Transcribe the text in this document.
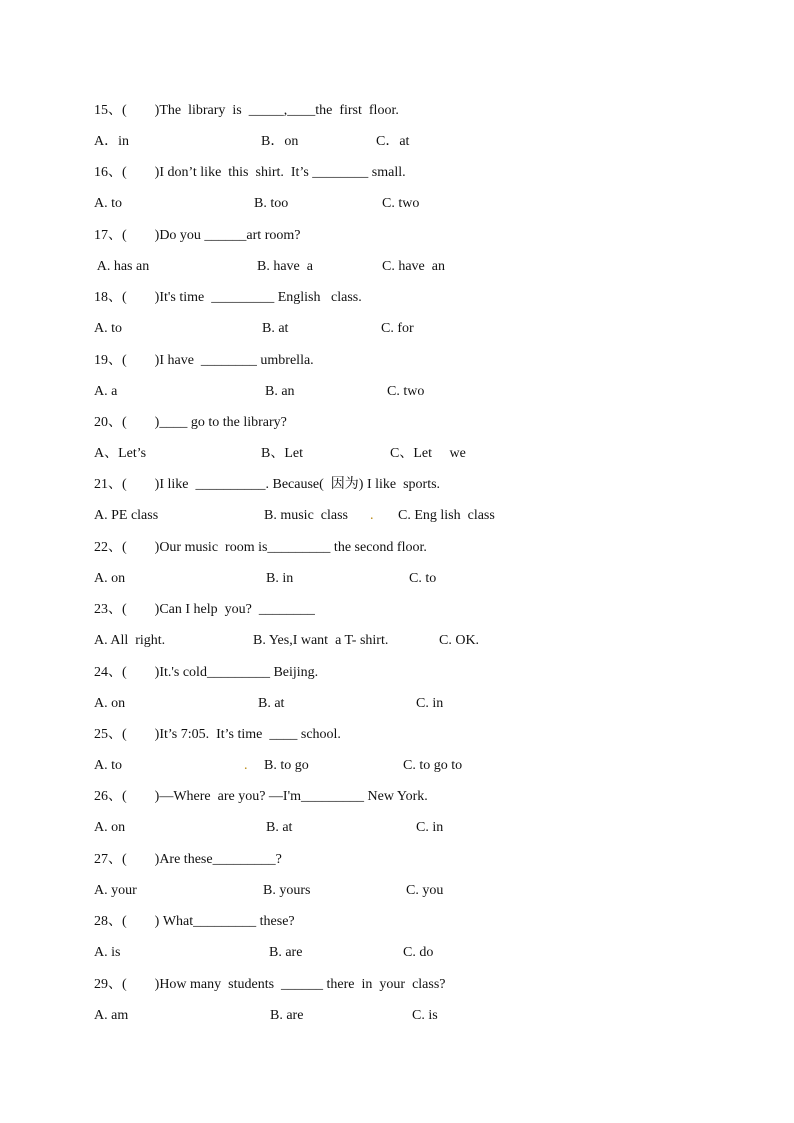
15、(        )The  library  is  _____,____the  first  floor.

A．in

	B．on

	C．at

16、(        )I don’t like  this  shirt.  It’s ________ small.

A. to

	B. too

	C. two

17、(        )Do you ______art room?

A. has an

	B. have  a

	C. have  an

18、(        )It's time  _________ English   class.

A. to

	B. at

	C. for

19、(        )I have  ________ umbrella.

A. a

	B. an

	C. two

20、(        )____ go to the library?

A、Let’s

	B、Let

	C、Let     we

21、(        )I like  __________. Because(  因为) I like  sports.

A. PE class

	B. music  class

.

C. Eng lish  class

22、(        )Our music  room is_________ the second floor.

A. on

	B. in

	C. to

23、(        )Can I help  you?  ________

A. All  right.

	B. Yes,I want  a T- shirt.

	C. OK.

24、(        )It.'s cold_________ Beijing.

A. on

	B. at

	C. in

25、(        )It’s 7:05.  It’s time  ____ school.

A. to

	.

B. to go

	C. to go to

26、(        )—Where  are you? —I'm_________ New York.

A. on

	B. at

	C. in

27、(        )Are these_________?

A. your

	B. yours

	C. you

28、(        ) What_________ these?

A. is

	B. are

	C. do

29、(        )How many  students  ______ there  in  your  class?

A. am

	B. are

	C. is
